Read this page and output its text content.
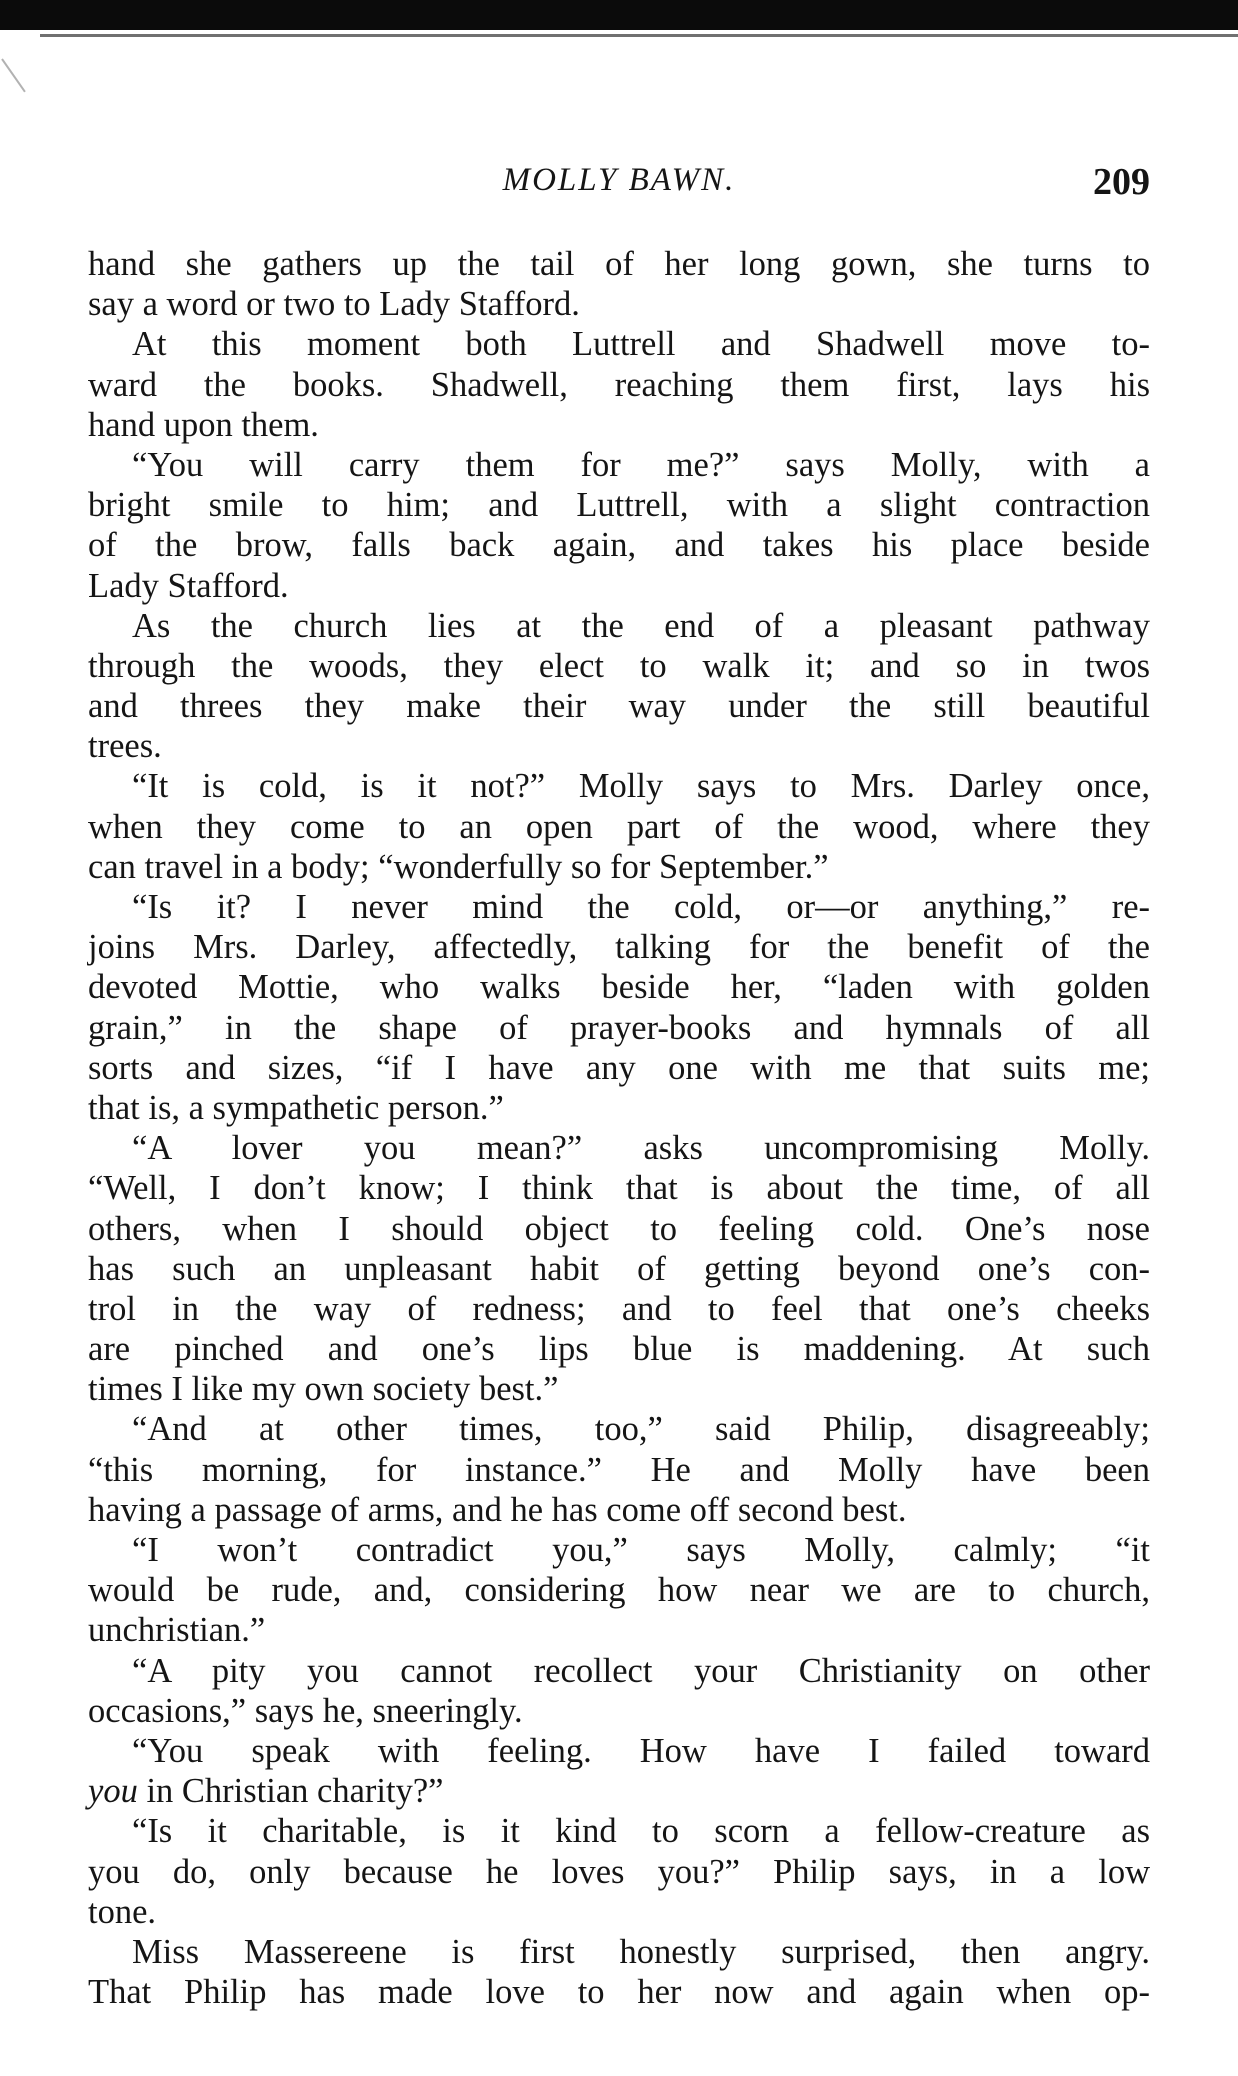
MOLLY BAWN.	209
hand she gathers up the tail of her long gown, she turns to
say a word or two to Lady Stafford.
At this moment both Luttrell and Shadwell move to-
ward the books. Shadwell, reaching them first, lays his
hand upon them.
“You will carry them for me?” says Molly, with a
bright smile to him; and Luttrell, with a slight contraction
of the brow, falls back again, and takes his place beside
Lady Stafford.
As the church lies at the end of a pleasant pathway
through the woods, they elect to walk it; and so in twos
and threes they make their way under the still beautiful
trees.
“It is cold, is it not?” Molly says to Mrs. Darley once,
when they come to an open part of the wood, where they
can travel in a body; “wonderfully so for September.”
“Is it? I never mind the cold, or—or anything,” re-
joins Mrs. Darley, affectedly, talking for the benefit of the
devoted Mottie, who walks beside her, “laden with golden
grain,” in the shape of prayer-books and hymnals of all
sorts and sizes, “if I have any one with me that suits me;
that is, a sympathetic person.”
“A lover you mean?” asks uncompromising Molly.
“Well, I don’t know; I think that is about the time, of all
others, when I should object to feeling cold. One’s nose
has such an unpleasant habit of getting beyond one’s con-
trol in the way of redness; and to feel that one’s cheeks
are pinched and one’s lips blue is maddening. At such
times I like my own society best.”
“And at other times, too,” said Philip, disagreeably;
“this morning, for instance.” He and Molly have been
having a passage of arms, and he has come off second best.
“I won’t contradict you,” says Molly, calmly; “it
would be rude, and, considering how near we are to church,
unchristian.”
“A pity you cannot recollect your Christianity on other
occasions,” says he, sneeringly.
“You speak with feeling. How have I failed toward
you in Christian charity?”
“Is it charitable, is it kind to scorn a fellow-creature as
you do, only because he loves you?” Philip says, in a low
tone.
Miss Massereene is first honestly surprised, then angry.
That Philip has made love to her now and again when op-
